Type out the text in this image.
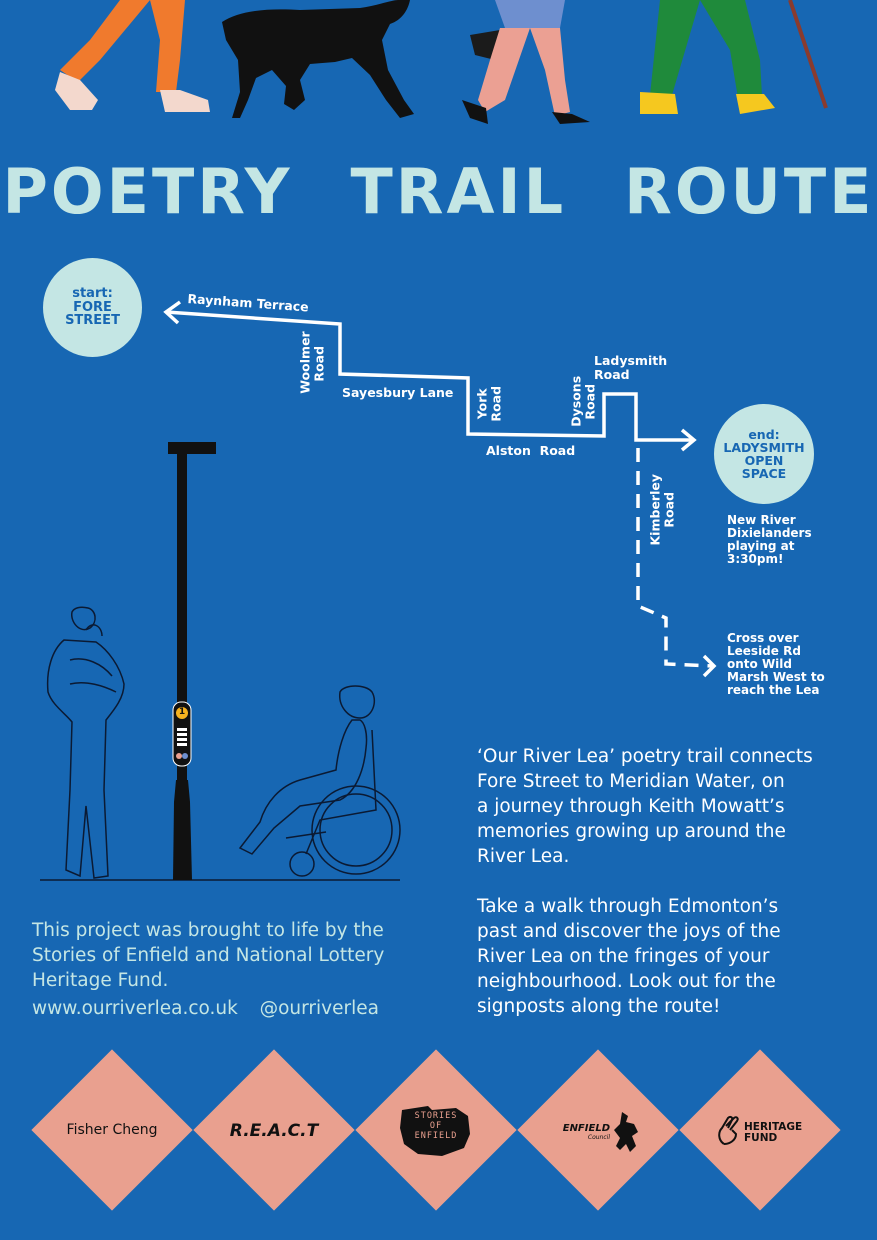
POETRY TRAIL ROUTE
start:
FORE
STREET
end:
LADYSMITH
OPEN
SPACE
Raynham Terrace
Woolmer
Road
Sayesbury Lane York
Road
Alston  Road
Dysons
Road
Ladysmith
Road
Kimberley
Road	New River
Dixielanders
playing at
3:30pm!
Cross over
Leeside Rd
onto Wild
Marsh West to
reach the Lea
1
‘Our River Lea’ poetry trail connects
Fore Street to Meridian Water, on
a journey through Keith Mowatt’s
memories growing up around the
River Lea.
Take a walk through Edmonton’s
past and discover the joys of the
River Lea on the fringes of your
neighbourhood. Look out for the
signposts along the route!
This project was brought to life by the
Stories of Enfield and National Lottery
Heritage Fund.
www.ourriverlea.co.uk @ourriverlea
Fisher Cheng	R.E.A.C.T
STORIES
OF
ENFIELD
ENFIELD
Council
HERITAGE
FUND
